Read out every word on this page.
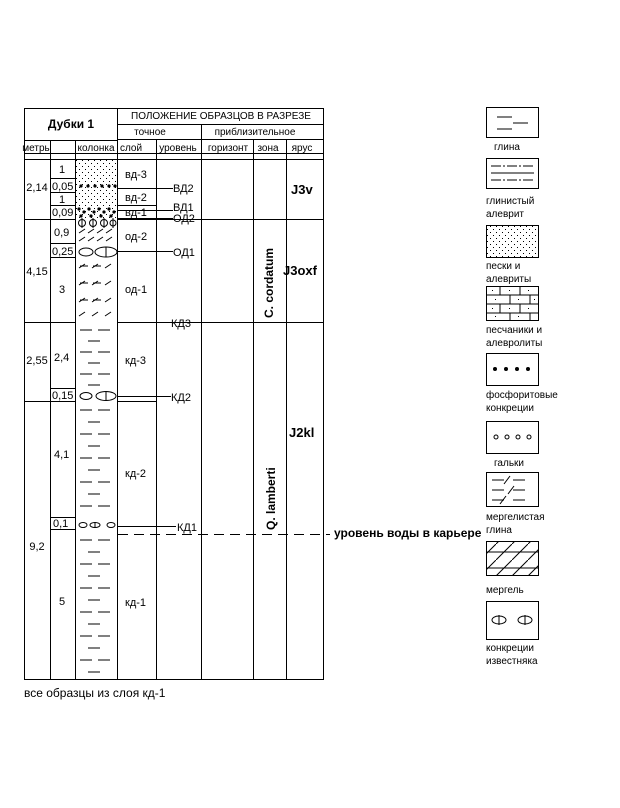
Дубки 1
ПОЛОЖЕНИЕ ОБРАЗЦОВ В РАЗРЕЗЕ
точное	приблизительное
метры	колонка слой уровень горизонт зона ярус
2,14
4,15
2,55
9,2
1
0,05
1
0,09
0,9
0,25
3
2,4
0,15
4,1
0,1
5
вд-3
вд-2
вд-1
од-2
од-1
кд-3
кд-2
кд-1
ВД2
ВД1
ОД2
ОД1
КД3
КД2
КД1
C. cordatum
Q. lamberti
J3v
J3oxf
J2kl
уровень воды в карьере
глина
глинистый
алеврит
пески и
алевриты
песчаники и
алевролиты
фосфоритовые
конкреции
гальки
мергелистая
глина
мергель
конкреции
известняка
все образцы из слоя кд-1
